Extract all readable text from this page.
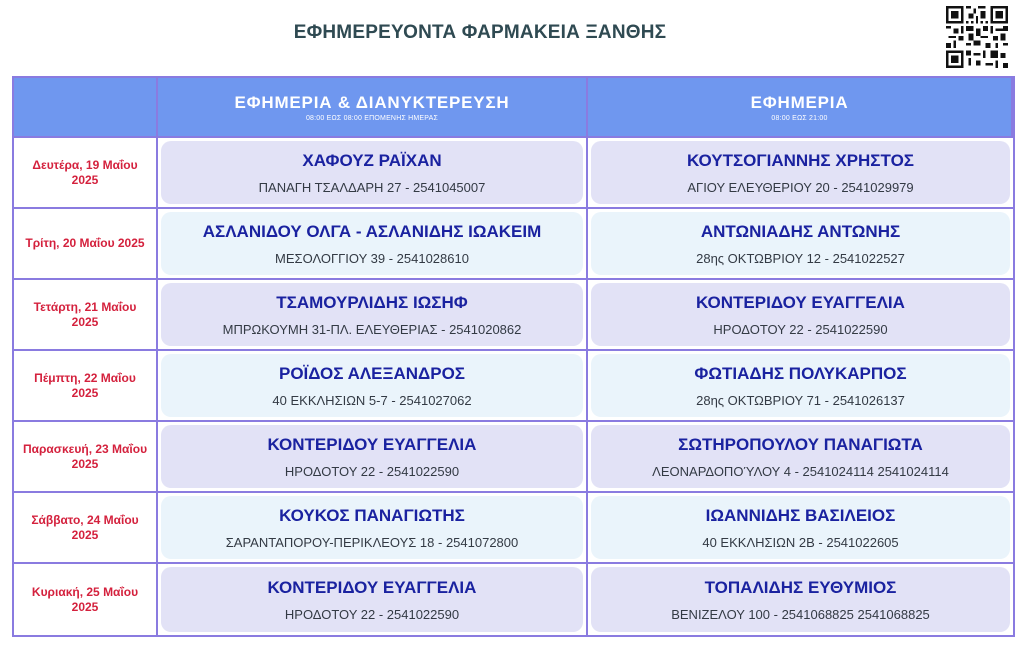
ΕΦΗΜΕΡΕΥΟΝΤΑ ΦΑΡΜΑΚΕΙΑ ΞΑΝΘΗΣ
ΕΦΗΜΕΡΙΑ & ΔΙΑΝΥΚΤΕΡΕΥΣΗ
08:00 ΕΩΣ 08:00 ΕΠΟΜΕΝΗΣ ΗΜΕΡΑΣ
ΕΦΗΜΕΡΙΑ
08:00 ΕΩΣ 21:00
Δευτέρα, 19 Μαΐου 2025
ΧΑΦΟΥΖ ΡΑΪΧΑΝ
ΠΑΝΑΓΗ ΤΣΑΛΔΑΡΗ 27 - 2541045007
ΚΟΥΤΣΟΓΙΑΝΝΗΣ ΧΡΗΣΤΟΣ
ΑΓΙΟΥ ΕΛΕΥΘΕΡΙΟΥ 20 - 2541029979
Τρίτη, 20 Μαΐου 2025
ΑΣΛΑΝΙΔΟΥ ΟΛΓΑ - ΑΣΛΑΝΙΔΗΣ ΙΩΑΚΕΙΜ
ΜΕΣΟΛΟΓΓΙΟΥ 39 - 2541028610
ΑΝΤΩΝΙΑΔΗΣ ΑΝΤΩΝΗΣ
28ης ΟΚΤΩΒΡΙΟΥ 12 - 2541022527
Τετάρτη, 21 Μαΐου 2025
ΤΣΑΜΟΥΡΛΙΔΗΣ ΙΩΣΗΦ
ΜΠΡΩΚΟΥΜΗ 31-ΠΛ. ΕΛΕΥΘΕΡΙΑΣ - 2541020862
ΚΟΝΤΕΡΙΔΟΥ ΕΥΑΓΓΕΛΙΑ
ΗΡΟΔΟΤΟΥ 22 - 2541022590
Πέμπτη, 22 Μαΐου 2025
ΡΟΪΔΟΣ ΑΛΕΞΑΝΔΡΟΣ
40 ΕΚΚΛΗΣΙΩΝ 5-7 - 2541027062
ΦΩΤΙΑΔΗΣ ΠΟΛΥΚΑΡΠΟΣ
28ης ΟΚΤΩΒΡΙΟΥ 71 - 2541026137
Παρασκευή, 23 Μαΐου 2025
ΚΟΝΤΕΡΙΔΟΥ ΕΥΑΓΓΕΛΙΑ
ΗΡΟΔΟΤΟΥ 22 - 2541022590
ΣΩΤΗΡΟΠΟΥΛΟΥ ΠΑΝΑΓΙΩΤΑ
ΛΕΟΝΑΡΔΟΠΟΎΛΟΥ 4 - 2541024114 2541024114
Σάββατο, 24 Μαΐου 2025
ΚΟΥΚΟΣ ΠΑΝΑΓΙΩΤΗΣ
ΣΑΡΑΝΤΑΠΟΡΟΥ-ΠΕΡΙΚΛΕΟΥΣ 18 - 2541072800
ΙΩΑΝΝΙΔΗΣ ΒΑΣΙΛΕΙΟΣ
40 ΕΚΚΛΗΣΙΩΝ 2Β - 2541022605
Κυριακή, 25 Μαΐου 2025
ΚΟΝΤΕΡΙΔΟΥ ΕΥΑΓΓΕΛΙΑ
ΗΡΟΔΟΤΟΥ 22 - 2541022590
ΤΟΠΑΛΙΔΗΣ ΕΥΘΥΜΙΟΣ
ΒΕΝΙΖΕΛΟΥ 100 - 2541068825 2541068825
